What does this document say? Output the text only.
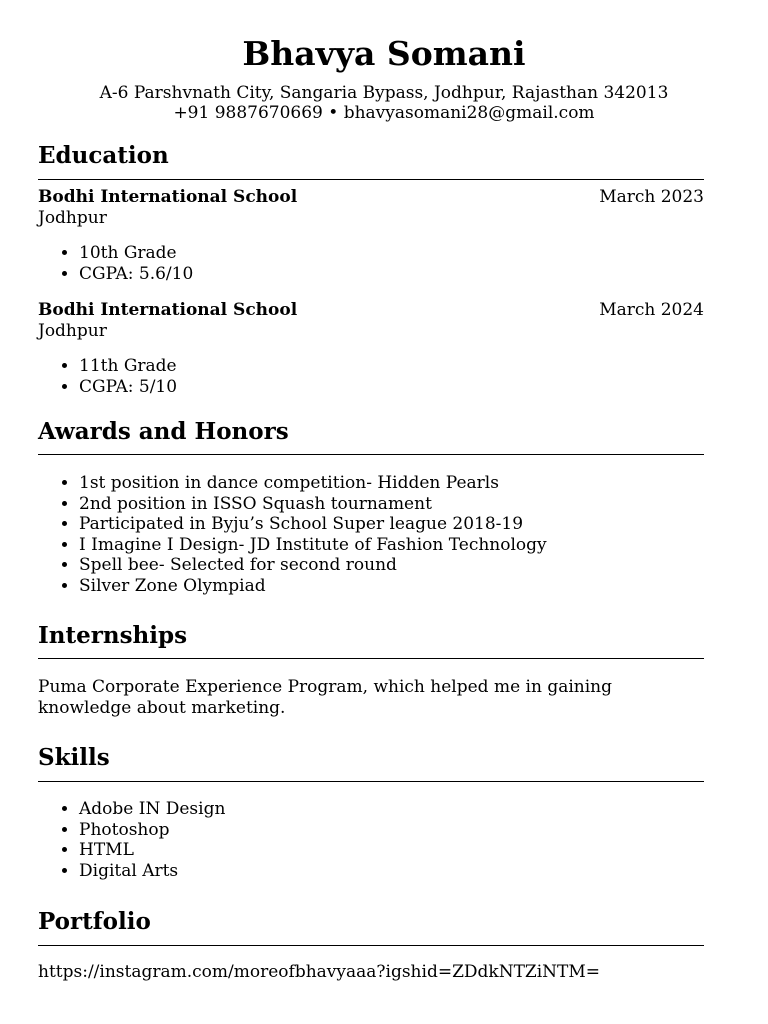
Bhavya Somani
A-6 Parshvnath City, Sangaria Bypass, Jodhpur, Rajasthan 342013
+91 9887670669 • bhavyasomani28@gmail.com
Education
Bodhi International School	March 2023
Jodhpur
• 10th Grade
• CGPA: 5.6/10
Bodhi International School	March 2024
Jodhpur
• 11th Grade
• CGPA: 5/10
Awards and Honors
• 1st position in dance competition- Hidden Pearls
• 2nd position in ISSO Squash tournament
• Participated in Byju’s School Super league 2018-19
• I Imagine I Design- JD Institute of Fashion Technology
• Spell bee- Selected for second round
• Silver Zone Olympiad
Internships
Puma Corporate Experience Program, which helped me in gaining knowledge about marketing.
Skills
• Adobe IN Design
• Photoshop
• HTML
• Digital Arts
Portfolio
https://instagram.com/moreofbhavyaaa?igshid=ZDdkNTZiNTM=
